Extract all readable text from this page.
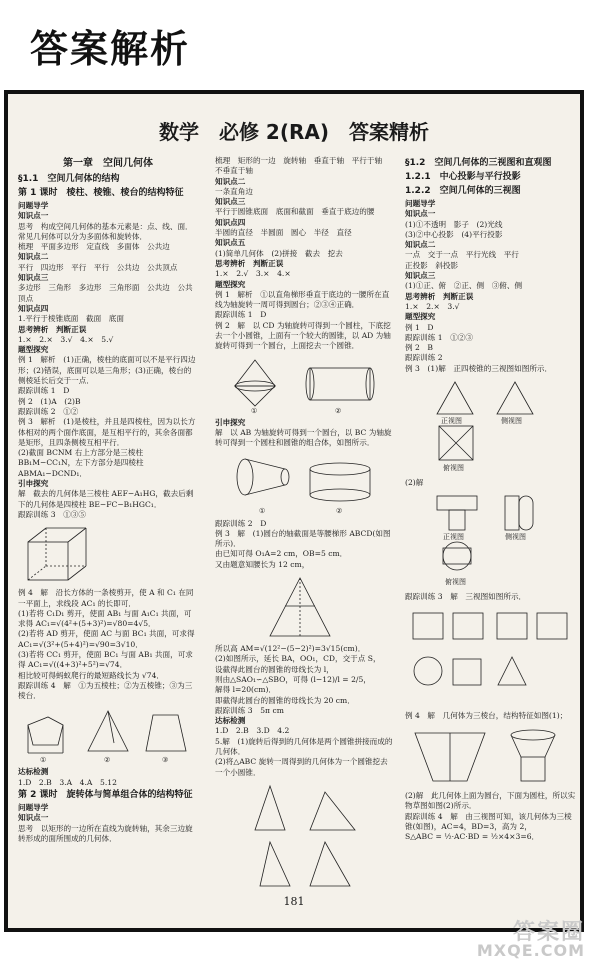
答案解析
数学　必修 2(RA)　答案精析

第一章　空间几何体

§1.1　空间几何体的结构

第 1 课时　棱柱、棱锥、棱台的结构特征

问题导学

知识点一

思考　构成空间几何体的基本元素是：点、线、面．常见几何体可以分为多面体和旋转体．

梳理　平面多边形　定直线　多面体　公共边

知识点二

平行　四边形　平行　平行　公共边　公共顶点

知识点三

多边形　三角形　多边形　三角形面　公共边　公共顶点

知识点四

1.平行于棱锥底面　截面　底面

思考辨析　判断正误

1.×　2.×　3.√　4.×　5.√

题型探究

例 1　解析　(1)正确，棱柱的底面可以不是平行四边形；(2)错误，底面可以是三角形；(3)正确，棱台的侧棱延长后交于一点．

跟踪训练 1　D

例 2　(1)A　(2)B

跟踪训练 2　①②

例 3　解析　(1)是棱柱，并且是四棱柱，因为以长方体相对的两个面作底面，是互相平行的，其余各面都是矩形，且四条侧棱互相平行．

(2)截面 BCNM 右上方部分是三棱柱 BB₁M−CC₁N，左下方部分是四棱柱 ABMA₁−DCND₁．

引申探究

解　截去的几何体是三棱柱 AEF−A₁HG，截去后剩下的几何体是四棱柱 BE−FC−B₁HGC₁．

跟踪训练 3　①③⑤

例 4　解　沿长方体的一条棱剪开，使 A 和 C₁ 在同一平面上，求线段 AC₁ 的长即可．

(1)若将 C₁D₁ 剪开，使面 AB₁ 与面 A₁C₁ 共面，可求得 AC₁=√(4²+(5+3)²)=√80=4√5．

(2)若将 AD 剪开，使面 AC 与面 BC₁ 共面，可求得 AC₁=√(3²+(5+4)²)=√90=3√10．

(3)若将 CC₁ 剪开，使面 BC₁ 与面 AB₁ 共面，可求得 AC₁=√((4+3)²+5²)=√74．

相比较可得蚂蚁爬行的最短路线长为 √74．

跟踪训练 4　解　①为五棱柱；②为五棱锥；③为三棱台．

①	②	③

达标检测

1.D　2.B　3.A　4.A　5.12

第 2 课时　旋转体与简单组合体的结构特征

问题导学

知识点一

思考　以矩形的一边所在直线为旋转轴，其余三边旋转形成的面所围成的几何体．

梳理　矩形的一边　旋转轴　垂直于轴　平行于轴　不垂直于轴

知识点二

一条直角边

知识点三

平行于圆锥底面　底面和截面　垂直于底边的腰

知识点四

半圆的直径　半圆面　圆心　半径　直径

知识点五

(1)简单几何体　(2)拼接　截去　挖去

思考辨析　判断正误

1.×　2.√　3.×　4.×

题型探究

例 1　解析　①以直角梯形垂直于底边的一腰所在直线为轴旋转一周可得到圆台；②③④正确．

跟踪训练 1　D

例 2　解　以 CD 为轴旋转可得到一个圆柱，下底挖去一个小圆锥，上面有一个较大的圆锥，以 AD 为轴旋转可得到一个圆台，上面挖去一个圆锥．

①	②

引申探究

解　以 AB 为轴旋转可得到一个圆台，以 BC 为轴旋转可得到一个圆柱和圆锥的组合体，如图所示．

①	②

跟踪训练 2　D

例 3　解　(1)圆台的轴截面是等腰梯形 ABCD(如图所示)．

由已知可得 O₁A=2 cm，OB=5 cm．

又由题意知腰长为 12 cm，

所以高 AM=√(12²−(5−2)²)=3√15(cm)．

(2)如图所示，延长 BA，OO₁，CD，交于点 S，

设截得此圆台的圆锥的母线长为 l，

则由△SAO₁∽△SBO，可得 (l−12)/l = 2/5，

解得 l=20(cm)．

即截得此圆台的圆锥的母线长为 20 cm．

跟踪训练 3　5π cm

达标检测

1.D　2.B　3.D　4.2

5.解　(1)旋转后得到的几何体是两个圆锥拼接而成的几何体．

(2)将△ABC 旋转一周得到的几何体为一个圆锥挖去一个小圆锥．

§1.2　空间几何体的三视图和直观图

1.2.1　中心投影与平行投影

1.2.2　空间几何体的三视图

问题导学

知识点一

(1)①不透明　影子　(2)光线

(3)②中心投影　(4)平行投影

知识点二

一点　交于一点　平行光线　平行

正投影　斜投影

知识点三

(1)①正、俯　②正、侧　③俯、侧

思考辨析　判断正误

1.×　2.×　3.√

题型探究

例 1　D

跟踪训练 1　①②③

例 2　B

跟踪训练 2

例 3　(1)解　正四棱锥的三视图如图所示．

正视图	侧视图
俯视图

(2)解

正视图	侧视图
俯视图

跟踪训练 3　解　三视图如图所示．

例 4　解　几何体为三棱台，结构特征如图(1)；

(2)解　此几何体上面为圆台，下面为圆柱，所以实物草图如图(2)所示．

跟踪训练 4　解　由三视图可知，该几何体为三棱锥(如图)，AC=4，BD=3，高为 2，

S△ABC = ½·AC·BD = ½×4×3=6．

181
答案圈
MXQE.COM
